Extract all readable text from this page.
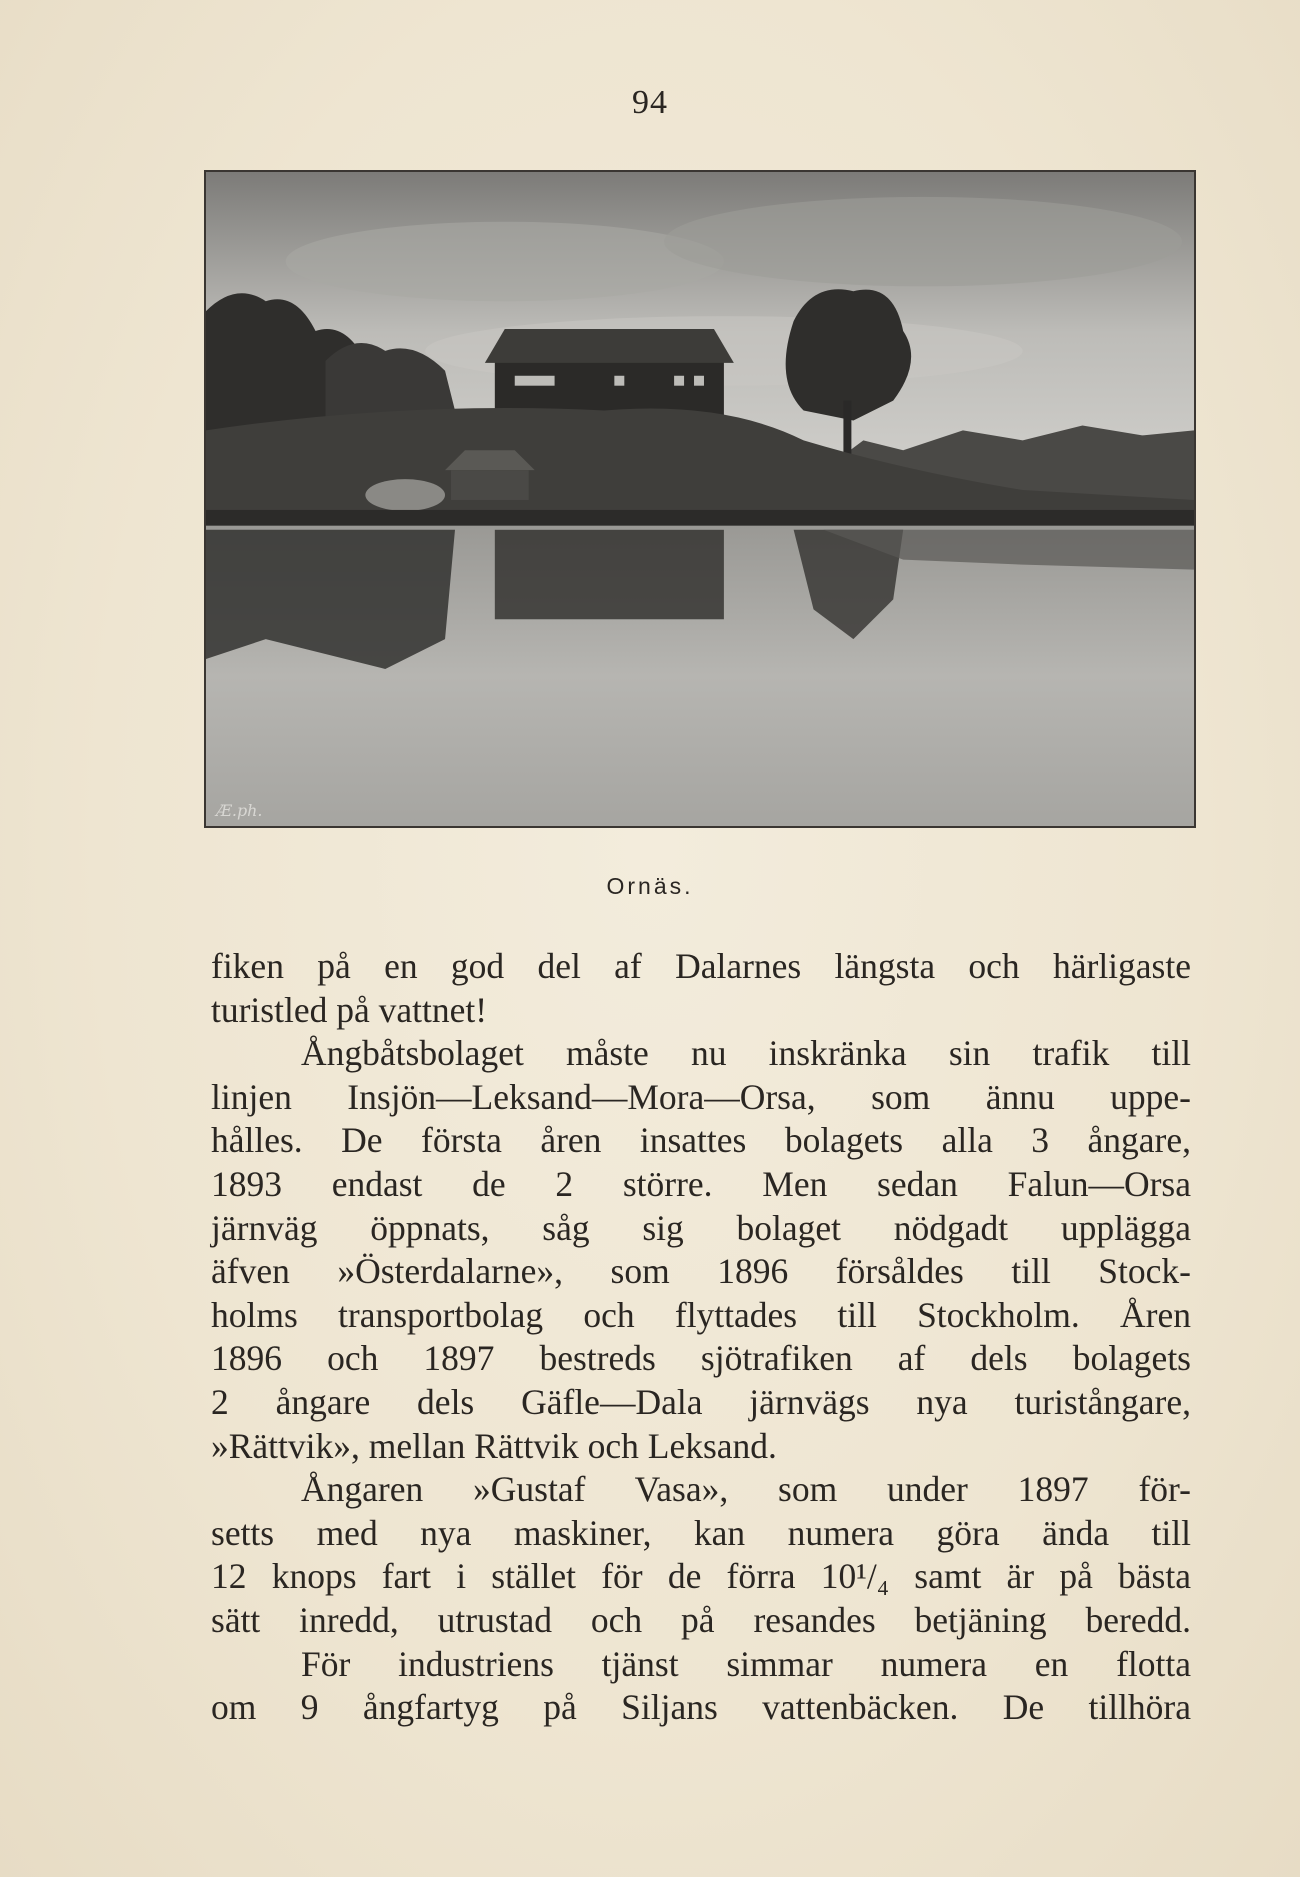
94
Æ.ph.
Ornäs.
fiken på en god del af Dalarnes längsta och härligaste
turistled på vattnet!
Ångbåtsbolaget måste nu inskränka sin trafik till
linjen Insjön—Leksand—Mora—Orsa, som ännu uppe-
hålles. De första åren insattes bolagets alla 3 ångare,
1893 endast de 2 större. Men sedan Falun—Orsa
järnväg öppnats, såg sig bolaget nödgadt upplägga
äfven »Österdalarne», som 1896 försåldes till Stock-
holms transportbolag och flyttades till Stockholm. Åren
1896 och 1897 bestreds sjötrafiken af dels bolagets
2 ångare dels Gäfle—Dala järnvägs nya turistångare,
»Rättvik», mellan Rättvik och Leksand.
Ångaren »Gustaf Vasa», som under 1897 för-
setts med nya maskiner, kan numera göra ända till
12 knops fart i stället för de förra 10¹/₄ samt är på bästa
sätt inredd, utrustad och på resandes betjäning beredd.
För industriens tjänst simmar numera en flotta
om 9 ångfartyg på Siljans vattenbäcken. De tillhöra
